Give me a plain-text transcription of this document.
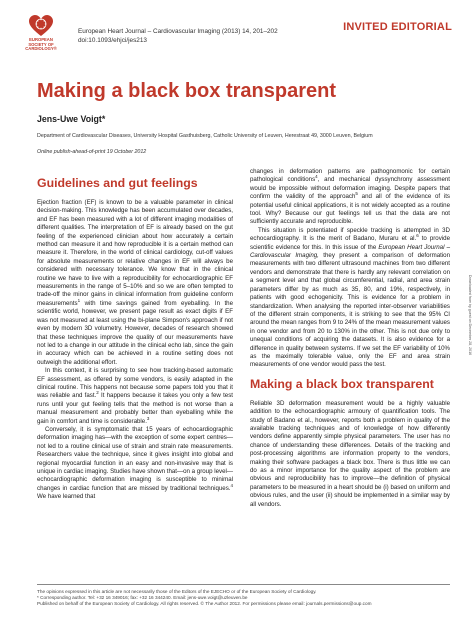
EUROPEAN
SOCIETY OF
CARDIOLOGY®
European Heart Journal – Cardiovascular Imaging (2013) 14, 201–202
doi:10.1093/ehjci/jes213
INVITED EDITORIAL
Making a black box transparent
Jens-Uwe Voigt*
Department of Cardiovascular Diseases, University Hospital Gasthuisberg, Catholic University of Leuven, Herestraat 49, 3000 Leuven, Belgium
Online publish-ahead-of-print 19 October 2012
Guidelines and gut feelings

Ejection fraction (EF) is known to be a valuable parameter in clinical decision-making. This knowledge has been accumulated over decades, and EF has been measured with a lot of different imaging modalities of different qualities. The interpretation of EF is already based on the gut feeling of the experienced clinician about how accurately a certain method can measure it and how reproducible it is a certain method can measure it. Therefore, in the world of clinical cardiology, cut-off values for absolute measurements or relative changes in EF will always be considered with necessary tolerance. We know that in the clinical routine we have to live with a reproducibility for echocardiographic EF measurements in the range of 5–10% and so we are often tempted to trade-off the minor gains in clinical information from guideline conform measurements$^1$ with time savings gained from eyeballing. In the scientific world, however, we present page result as exact digits if EF was not measured at least using the bi-plane Simpson's approach if not even by modern 3D volumetry. However, decades of research showed that these techniques improve the quality of our measurements have not led to a change in our attitude in the clinical echo lab, since the gain in accuracy which can be achieved in a routine setting does not outweigh the additional effort.

In this context, it is surprising to see how tracking-based automatic EF assessment, as offered by some vendors, is easily adapted in the clinical routine. This happens not because some papers told you that it was reliable and fast.$^2$ It happens because it takes you only a few test runs until your gut feeling tells that the method is not worse than a manual measurement and probably better than eyeballing while the gain in comfort and time is considerable.$^3$

Conversely, it is symptomatic that 15 years of echocardiographic deformation imaging has—with the exception of some expert centres—not led to a routine clinical use of strain and strain rate measurements. Researchers value the technique, since it gives insight into global and regional myocardial function in an easy and non-invasive way that is unique in cardiac imaging. Studies have shown that—on a group level—echocardiographic deformation imaging is susceptible to minimal changes in cardiac function that are missed by traditional techniques.$^4$ We have learned that

changes in deformation patterns are pathognomonic for certain pathological conditions$^4$, and mechanical dyssynchrony assessment would be impossible without deformation imaging. Despite papers that confirm the validity of the approach$^5$ and all of the evidence of its potential useful clinical applications, it is not widely accepted as a routine tool. Why? Because our gut feelings tell us that the data are not sufficiently accurate and reproducible.

This situation is potentiated if speckle tracking is attempted in 3D echocardiography. It is the merit of Badano, Muraru et al.$^6$ to provide scientific evidence for this. In this issue of the European Heart Journal – Cardiovascular Imaging, they present a comparison of deformation measurements with two different ultrasound machines from two different vendors and demonstrate that there is hardly any relevant correlation on a segment level and that global circumferential, radial, and area strain parameters differ by as much as 35, 80, and 19%, respectively, in patients with good echogenicity. This is evidence for a problem in standardization. When analysing the reported inter-observer variabilities of the different strain components, it is striking to see that the 95% CI around the mean ranges from 9 to 24% of the mean measurement values in one vendor and from 20 to 130% in the other. This is not due only to unequal conditions of acquiring the datasets. It is also evidence for a difference in quality between systems. If we set the EF variability of 10% as the maximally tolerable value, only the EF and area strain measurements of one vendor would pass the test.

Making a black box transparent

Reliable 3D deformation measurement would be a highly valuable addition to the echocardiographic armoury of quantification tools. The study of Badano et al., however, reports both a problem in quality of the available tracking techniques and of knowledge of how differently vendors define apparently simple physical parameters. The user has no chance of understanding these differences. Details of the tracking and post-processing algorithms are information property to the vendors, making their software packages a black box. There is thus little we can do as a minor importance for the quality aspect of the problem are obvious and reproducibility has to improve—the definition of physical parameters to be measured in a heart should be (i) based on uniform and obvious rules, and the user (ii) should be implemented in a similar way by all vendors.

The opinions expressed in this article are not necessarily those of the Editors of the EJECHO or of the European Society of Cardiology.
* Corresponding author. Tel: +32 16 349016; fax: +32 16 344240. Email: jens-uwe.voigt@uzleuven.be
Published on behalf of the European Society of Cardiology. All rights reserved. © The Author 2012. For permissions please email: journals.permissions@oup.com
Downloaded from by guest on December 28, 2016
